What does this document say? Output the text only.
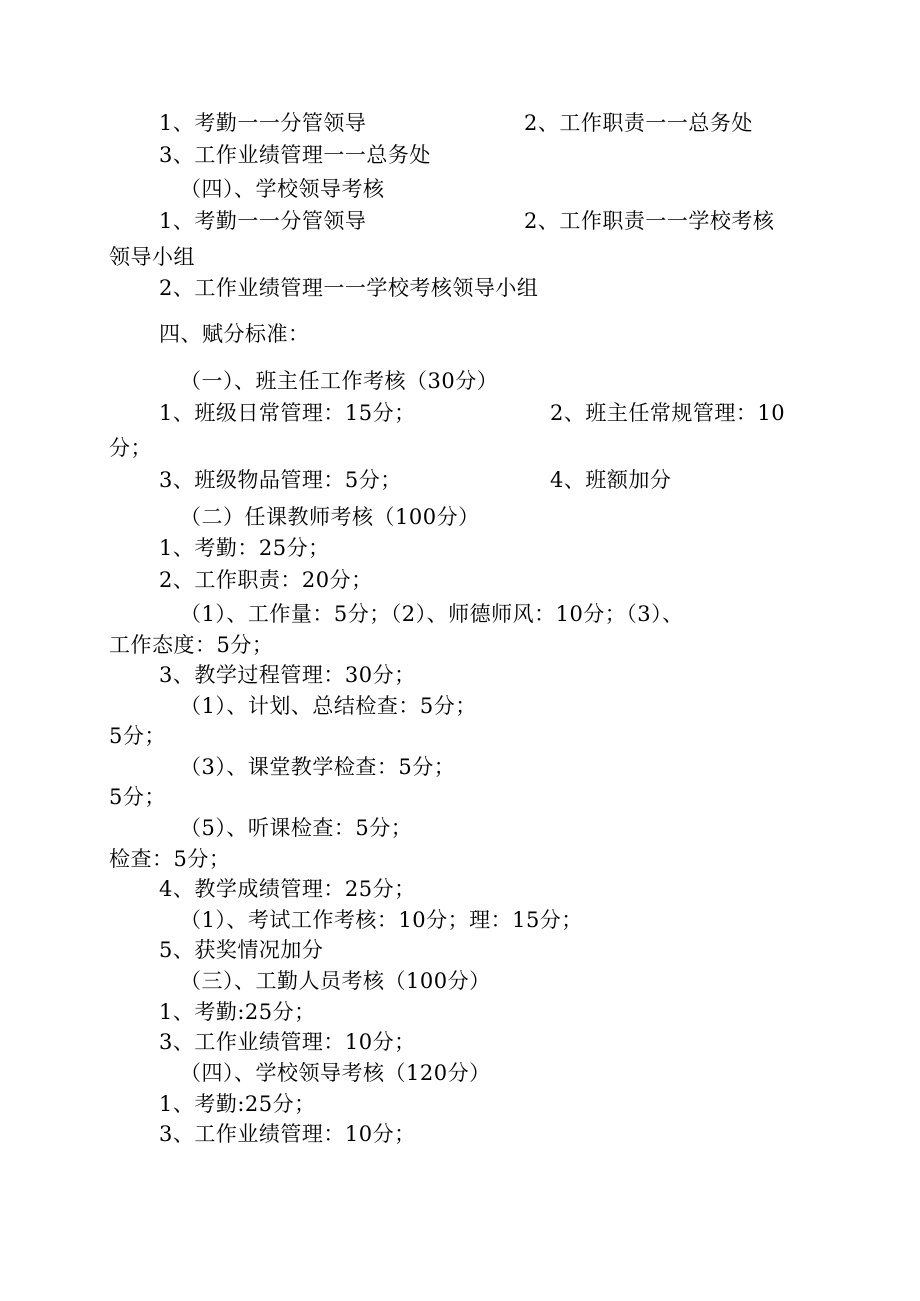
1、考勤一一分管领导	2、工作职责一一总务处
3、工作业绩管理一一总务处
（四）、学校领导考核
1、考勤一一分管领导	2、工作职责一一学校考核
领导小组
2、工作业绩管理一一学校考核领导小组
四、赋分标准：
（一）、班主任工作考核（30分）
1、班级日常管理：15分；	2、班主任常规管理：10
分；
3、班级物品管理：5分；	4、班额加分
（二）任课教师考核（100分）
1、考勤：25分；
2、工作职责：20分；
（1）、工作量：5分；（2）、师德师风：10分；（3）、
工作态度：5分；
3、教学过程管理：30分；
（1）、计划、总结检查：5分；
5分；
（3）、课堂教学检查：5分；
5分；
（5）、听课检查：5分；
检查：5分；
4、教学成绩管理：25分；
（1）、考试工作考核：10分；理：15分；
5、获奖情况加分
（三）、工勤人员考核（100分）
1、考勤:25分；
3、工作业绩管理：10分；
（四）、学校领导考核（120分）
1、考勤:25分；
3、工作业绩管理：10分；
